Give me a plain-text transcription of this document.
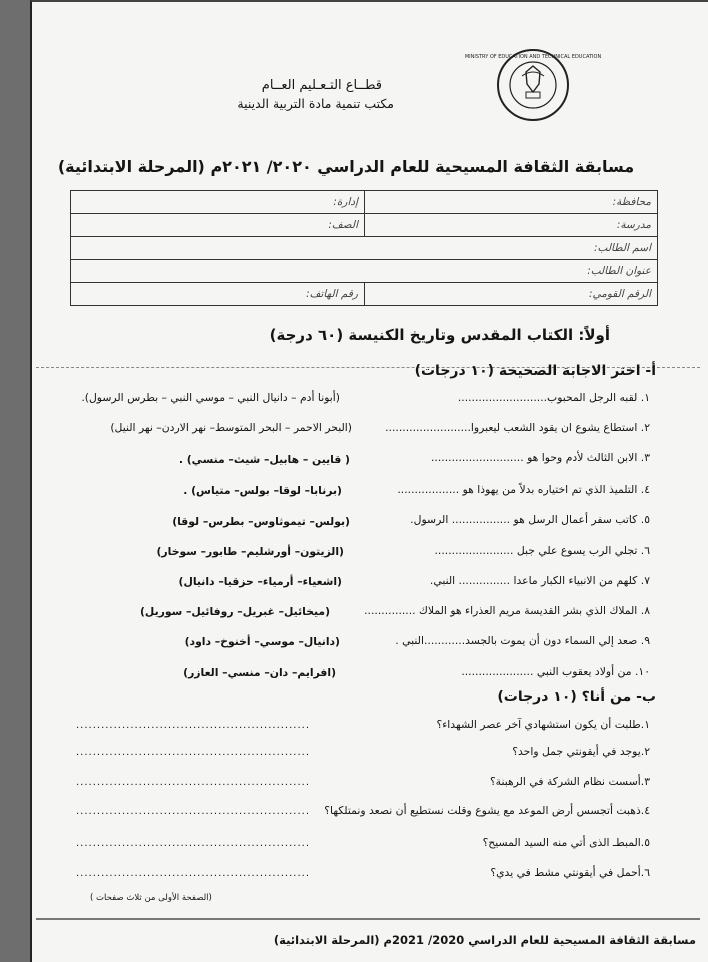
قطــاع التـعـليم العــام
مكتب تنمية مادة التربية الدينية
MINISTRY OF EDUCATION AND TECHNICAL EDUCATION
مسابقة الثقافة المسيحية للعام الدراسي ٢٠٢٠/ ٢٠٢١م (المرحلة الابتدائية)
محافظة:	إدارة:
مدرسة:	الصف:
اسم الطالب:	
عنوان الطالب:	
الرقم القومي:	رقم الهاتف:
أولاً: الكتاب المقدس وتاريخ الكنيسة (٦٠ درجة)
أ- اختر الاجابة الصحيحة (١٠ درجات)
١. لقبه الرجل المحبوب..........................
(أبونا أدم – دانيال النبي – موسي النبي – بطرس الرسول).
٢. استطاع يشوع ان يقود الشعب ليعبروا.........................
(البحر الاحمر – البحر المتوسط– نهر الاردن– نهر النيل)
٣. الابن الثالث لأدم وحوا هو ...........................
( قايين – هابيل– شيث– منسي) .
٤. التلميذ الذي تم اختياره بدلاً من يهوذا هو ..................
(برنابا– لوقا– بولس– متياس) .
٥. كاتب سفر أعمال الرسل هو ................. الرسول.
(بولس– تيموثاوس– بطرس– لوقا)
٦. تجلي الرب يسوع علي جبل .......................
(الزيتون– أورشليم– طابور– سوخار)
٧. كلهم من الانبياء الكبار ماعدا ............... النبي.
(اشعياء– أرمياء– حزقيا– دانيال)
٨. الملاك الذي بشر القديسة مريم العذراء هو الملاك ...............
(ميخائيل– غبريل– روفائيل– سوريل)
٩. صعد إلي السماء دون أن يموت بالجسد............النبي .
(دانيال– موسي– أخنوخ– داود)
١٠. من أولاد يعقوب النبي .....................
(افرايم– دان– منسي– العازر)
ب- من أنا؟ (١٠ درجات)
١.طلبت أن يكون استشهادي آخر عصر الشهداء؟
........................................................
٢.يوجد في أيقونتي جمل واحد؟
........................................................
٣.أسست نظام الشركة في الرهبنة؟
........................................................
٤.ذهبت أتجسس أرض الموعد مع يشوع وقلت نستطيع أن نصعد ونمتلكها؟
........................................................
٥.المبطـ الذى أتي منه السيد المسيح؟
........................................................
٦.أحمل في أيقونتي مشط في يدي؟
........................................................
(الصفحة الأولى من ثلاث صفحات )
مسابقة الثقافة المسيحية للعام الدراسي 2020/ 2021م (المرحلة الابتدائية)
